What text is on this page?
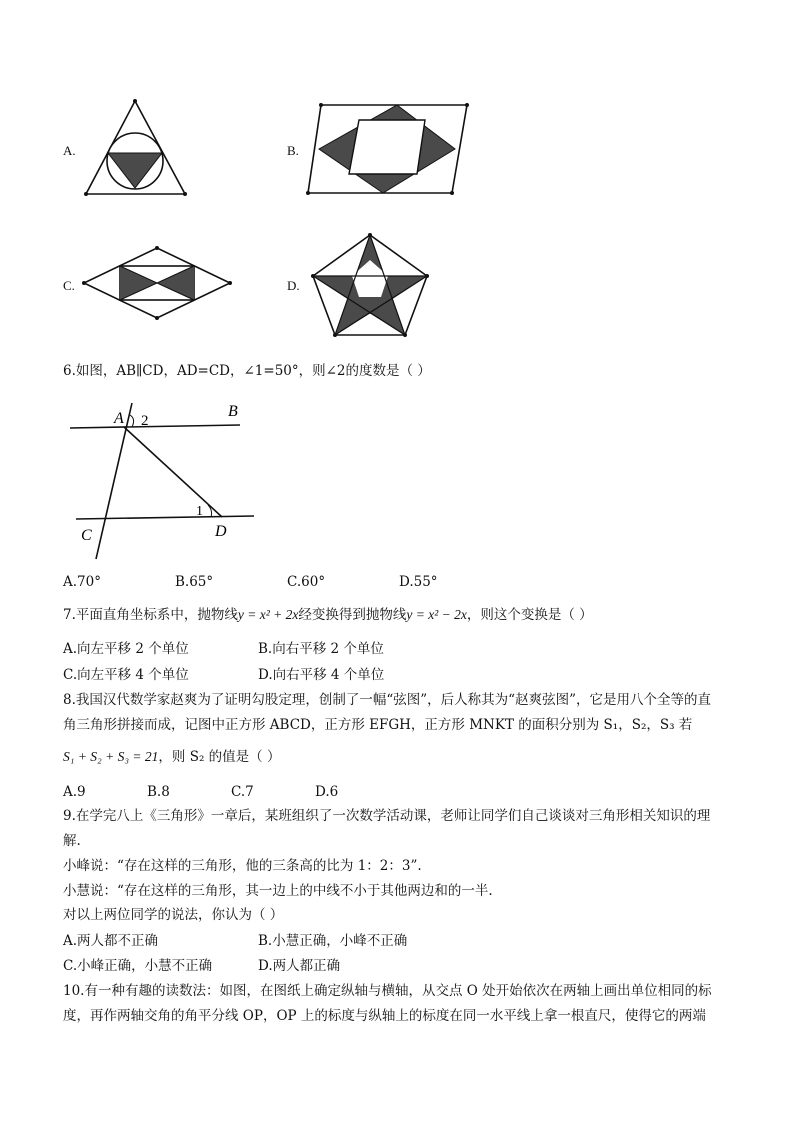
A.	B.
C.	D.
6.如图，AB∥CD，AD=CD，∠1=50°，则∠2的度数是（ ）
A 2
B
C	D
1
A.70°	B.65°	C.60°	D.55°
7.平面直角坐标系中，抛物线y = x² + 2x经变换得到抛物线y = x² − 2x，则这个变换是（ ）
A.向左平移 2 个单位	B.向右平移 2 个单位
C.向左平移 4 个单位	D.向右平移 4 个单位
8.我国汉代数学家赵爽为了证明勾股定理，创制了一幅“弦图”，后人称其为“赵爽弦图”，它是用八个全等的直
角三角形拼接而成，记图中正方形 ABCD，正方形 EFGH，正方形 MNKT 的面积分别为 S₁，S₂，S₃ 若
S₁ + S₂ + S₃ = 21，则 S₂ 的值是（ ）
A.9	B.8	C.7	D.6
9.在学完八上《三角形》一章后，某班组织了一次数学活动课，老师让同学们自己谈谈对三角形相关知识的理
解.
小峰说：“存在这样的三角形，他的三条高的比为 1：2：3”.
小慧说：“存在这样的三角形，其一边上的中线不小于其他两边和的一半.
对以上两位同学的说法，你认为（ ）
A.两人都不正确	B.小慧正确，小峰不正确
C.小峰正确，小慧不正确	D.两人都正确
10.有一种有趣的读数法：如图，在图纸上确定纵轴与横轴，从交点 O 处开始依次在两轴上画出单位相同的标
度，再作两轴交角的角平分线 OP，OP 上的标度与纵轴上的标度在同一水平线上拿一根直尺，使得它的两端
